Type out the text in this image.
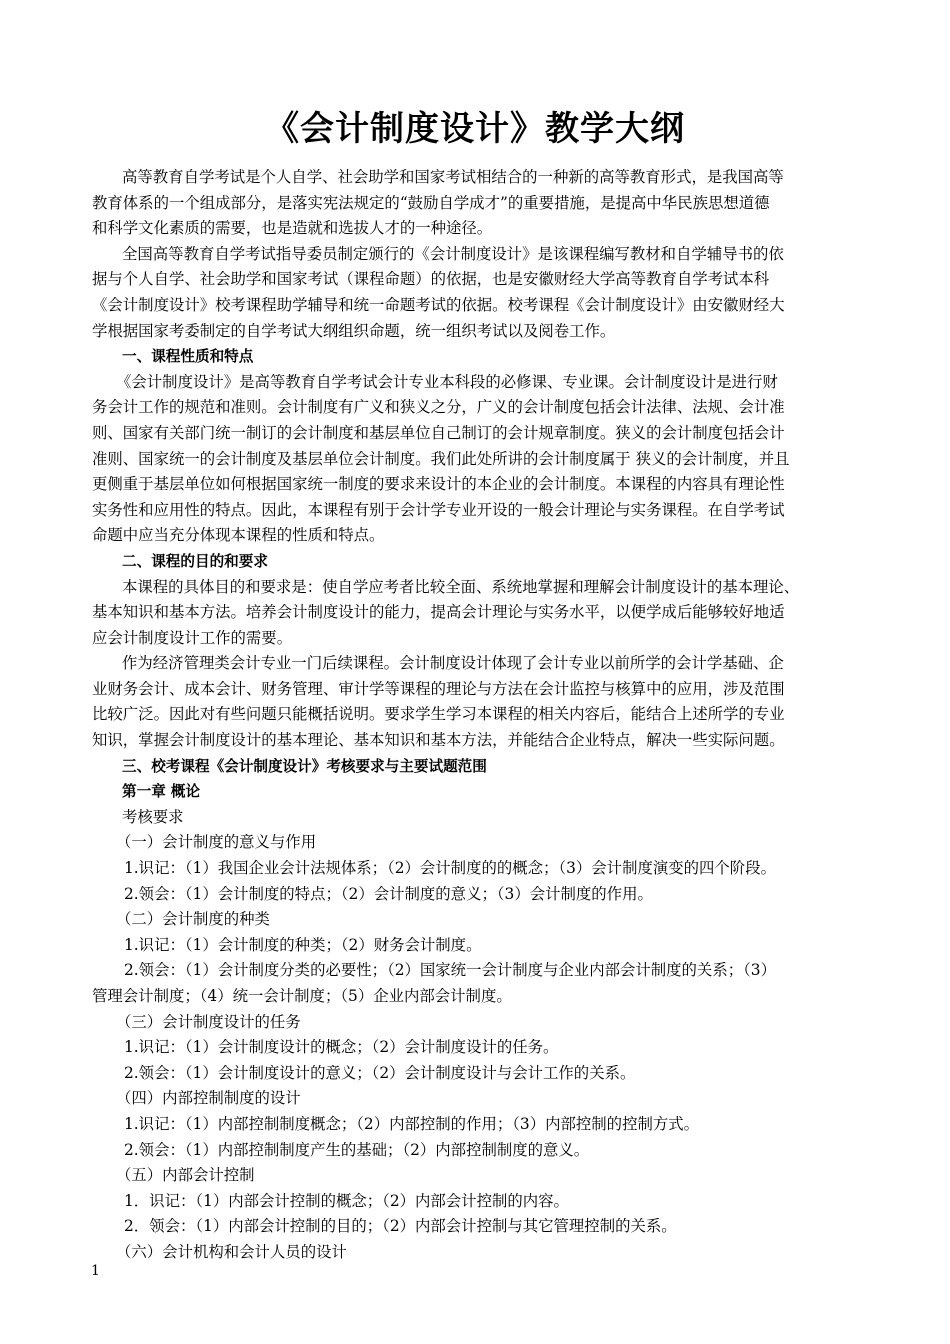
《会计制度设计》教学大纲

高等教育自学考试是个人自学、社会助学和国家考试相结合的一种新的高等教育形式，是我国高等

教育体系的一个组成部分，是落实宪法规定的“鼓励自学成才”的重要措施，是提高中华民族思想道德

和科学文化素质的需要，也是造就和选拔人才的一种途径。

全国高等教育自学考试指导委员制定颁行的《会计制度设计》是该课程编写教材和自学辅导书的依

据与个人自学、社会助学和国家考试（课程命题）的依据，也是安徽财经大学高等教育自学考试本科

《会计制度设计》校考课程助学辅导和统一命题考试的依据。校考课程《会计制度设计》由安徽财经大

学根据国家考委制定的自学考试大纲组织命题，统一组织考试以及阅卷工作。

一、课程性质和特点

《会计制度设计》是高等教育自学考试会计专业本科段的必修课、专业课。会计制度设计是进行财

务会计工作的规范和准则。会计制度有广义和狭义之分，广义的会计制度包括会计法律、法规、会计准

则、国家有关部门统一制订的会计制度和基层单位自己制订的会计规章制度。狭义的会计制度包括会计

准则、国家统一的会计制度及基层单位会计制度。我们此处所讲的会计制度属于 狭义的会计制度，并且

更侧重于基层单位如何根据国家统一制度的要求来设计的本企业的会计制度。本课程的内容具有理论性

实务性和应用性的特点。因此，本课程有别于会计学专业开设的一般会计理论与实务课程。在自学考试

命题中应当充分体现本课程的性质和特点。

二、课程的目的和要求

本课程的具体目的和要求是：使自学应考者比较全面、系统地掌握和理解会计制度设计的基本理论、

基本知识和基本方法。培养会计制度设计的能力，提高会计理论与实务水平，以便学成后能够较好地适

应会计制度设计工作的需要。

作为经济管理类会计专业一门后续课程。会计制度设计体现了会计专业以前所学的会计学基础、企

业财务会计、成本会计、财务管理、审计学等课程的理论与方法在会计监控与核算中的应用，涉及范围

比较广泛。因此对有些问题只能概括说明。要求学生学习本课程的相关内容后，能结合上述所学的专业

知识，掌握会计制度设计的基本理论、基本知识和基本方法，并能结合企业特点，解决一些实际问题。

三、校考课程《会计制度设计》考核要求与主要试题范围

第一章 概论

考核要求

（一）会计制度的意义与作用

1.识记：（1）我国企业会计法规体系；（2）会计制度的的概念；（3）会计制度演变的四个阶段。

2.领会：（1）会计制度的特点；（2）会计制度的意义；（3）会计制度的作用。

（二）会计制度的种类

1.识记：（1）会计制度的种类；（2）财务会计制度。

2.领会：（1）会计制度分类的必要性；（2）国家统一会计制度与企业内部会计制度的关系；（3）

管理会计制度；（4）统一会计制度；（5）企业内部会计制度。

（三）会计制度设计的任务

1.识记：（1）会计制度设计的概念；（2）会计制度设计的任务。

2.领会：（1）会计制度设计的意义；（2）会计制度设计与会计工作的关系。

（四）内部控制制度的设计

1.识记：（1）内部控制制度概念；（2）内部控制的作用；（3）内部控制的控制方式。

2.领会：（1）内部控制制度产生的基础；（2）内部控制制度的意义。

（五）内部会计控制

1．识记：（1）内部会计控制的概念；（2）内部会计控制的内容。

2．领会：（1）内部会计控制的目的；（2）内部会计控制与其它管理控制的关系。

（六）会计机构和会计人员的设计

1
